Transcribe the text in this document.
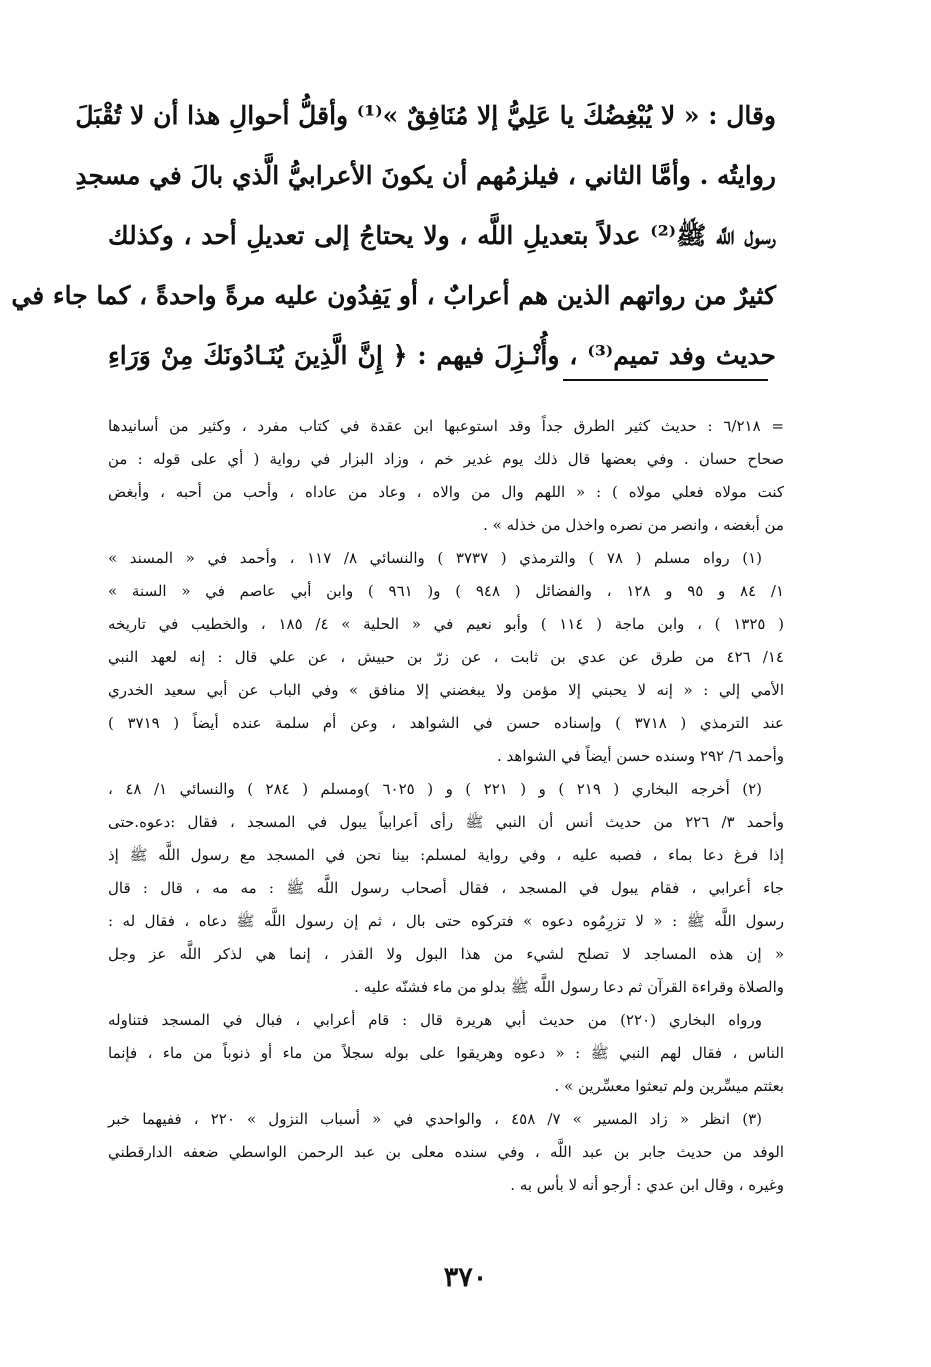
وقال : « لا يُبْغِضُكَ يا عَلِيُّ إلا مُنَافِقٌ »⁽¹⁾ وأقلُّ أحوالِ هذا أن لا تُقْبَلَ
روايتُه . وأمَّا الثاني ، فيلزمُهم أن يكونَ الأعرابيُّ الَّذي بالَ في مسجدِ
رسول اللَّه ﷺ⁽²⁾ عدلاً بتعديلِ اللَّه ، ولا يحتاجُ إلى تعديلِ أحد ، وكذلك
كثيرٌ من رواتهم الذين هم أعرابٌ ، أو يَفِدُون عليه مرةً واحدةً ، كما جاء في
حديث وفد تميم⁽³⁾ ، وأُنْـزِلَ فيهم : ﴿ إِنَّ الَّذِينَ يُنَـادُونَكَ مِنْ وَرَاءِ
= ٦/٢١٨ : حديث كثير الطرق جداً وقد استوعبها ابن عقدة في كتاب مفرد ، وكثير من أسانيدها
صحاح حسان . وفي بعضها قال ذلك يوم غدير خم ، وزاد البزار في رواية ( أي على قوله : من
كنت مولاه فعلي مولاه ) : « اللهم وال من والاه ، وعاد من عاداه ، وأحب من أحبه ، وأبغض
من أبغضه ، وانصر من نصره واخذل من خذله » .
(١) رواه مسلم ( ٧٨ ) والترمذي ( ٣٧٣٧ ) والنسائي ٨/ ١١٧ ، وأحمد في « المسند »
١/ ٨٤ و ٩٥ و ١٢٨ ، والفضائل ( ٩٤٨ ) و( ٩٦١ ) وابن أبي عاصم في « السنة »
( ١٣٢٥ ) ، وابن ماجة ( ١١٤ ) وأبو نعيم في « الحلية » ٤/ ١٨٥ ، والخطيب في تاريخه
١٤/ ٤٢٦ من طرق عن عدي بن ثابت ، عن زرّ بن حبيش ، عن علي قال : إنه لعهد النبي
الأمي إلي : « إنه لا يحبني إلا مؤمن ولا يبغضني إلا منافق » وفي الباب عن أبي سعيد الخدري
عند الترمذي ( ٣٧١٨ ) وإسناده حسن في الشواهد ، وعن أم سلمة عنده أيضاً ( ٣٧١٩ )
وأحمد ٦/ ٢٩٢ وسنده حسن أيضاً في الشواهد .
(٢) أخرجه البخاري ( ٢١٩ ) و ( ٢٢١ ) و ( ٦٠٢٥ )ومسلم ( ٢٨٤ ) والنسائي ١/ ٤٨ ،
وأحمد ٣/ ٢٢٦ من حديث أنس أن النبي ﷺ رأى أعرابياً يبول في المسجد ، فقال :دعوه.حتى
إذا فرغ دعا بماء ، فصبه عليه ، وفي رواية لمسلم: بينا نحن في المسجد مع رسول اللَّه ﷺ إذ
جاء أعرابي ، فقام يبول في المسجد ، فقال أصحاب رسول اللَّه ﷺ : مه مه ، قال : قال
رسول اللَّه ﷺ : « لا تزرِمُوه دعوه » فتركوه حتى بال ، ثم إن رسول اللَّه ﷺ دعاه ، فقال له :
« إن هذه المساجد لا تصلح لشيء من هذا البول ولا القذر ، إنما هي لذكر اللَّه عز وجل
والصلاة وقراءة القرآن ثم دعا رسول اللَّه ﷺ بدلو من ماء فشنّه عليه .
ورواه البخاري (٢٢٠) من حديث أبي هريرة قال : قام أعرابي ، فبال في المسجد فتناوله
الناس ، فقال لهم النبي ﷺ : « دعوه وهريقوا على بوله سجلاً من ماء أو ذنوباً من ماء ، فإنما
بعثتم ميسِّرين ولم تبعثوا معسِّرين » .
(٣) انظر « زاد المسير » ٧/ ٤٥٨ ، والواحدي في « أسباب النزول » ٢٢٠ ، ففيهما خبر
الوفد من حديث جابر بن عبد اللَّه ، وفي سنده معلى بن عبد الرحمن الواسطي ضعفه الدارقطني
وغيره ، وقال ابن عدي : أرجو أنه لا بأس به .
٣٧٠
